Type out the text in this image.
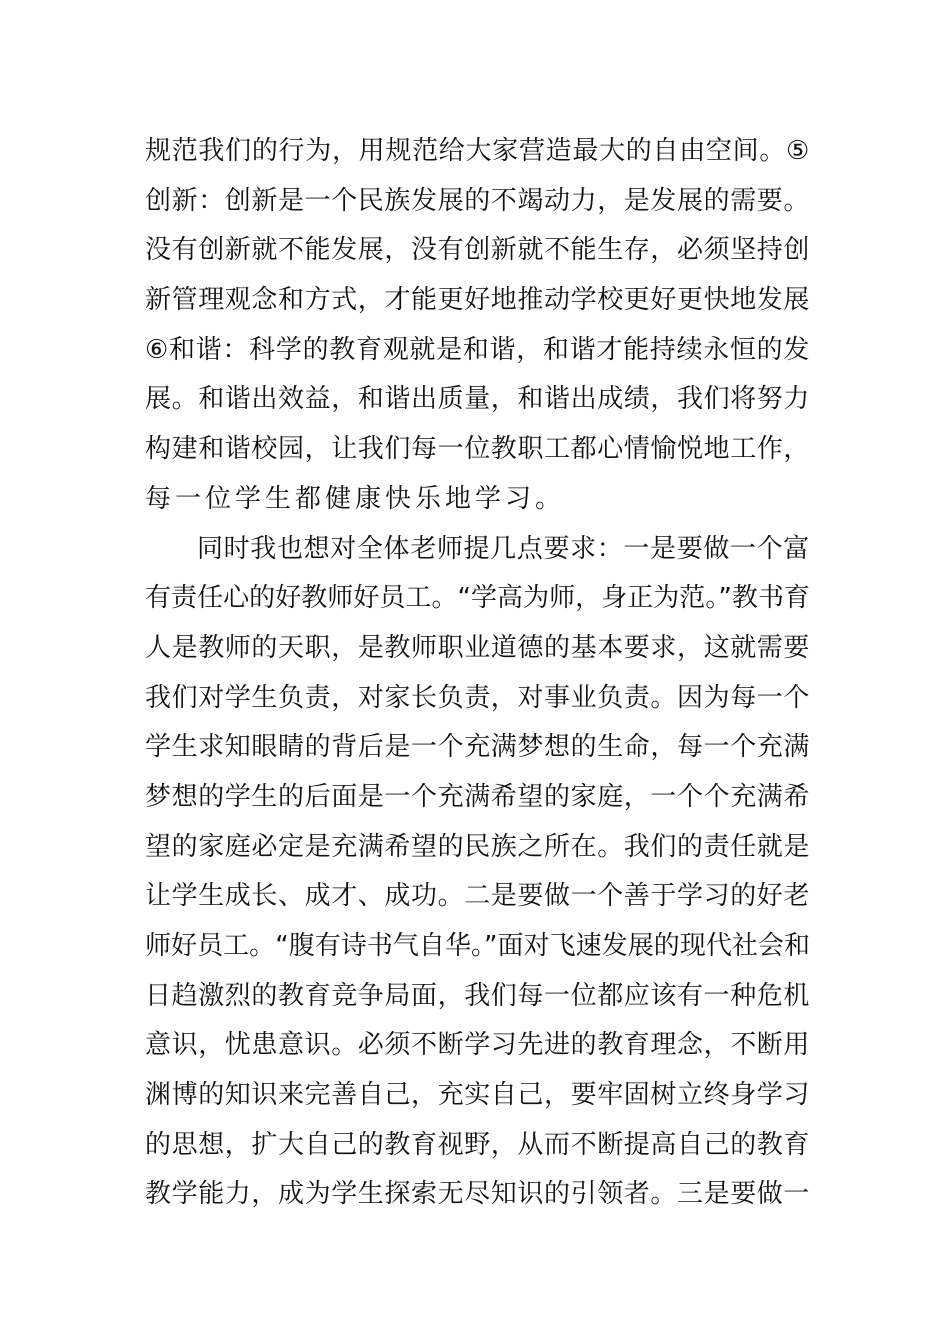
规范我们的行为，用规范给大家营造最大的自由空间。⑤
创新：创新是一个民族发展的不竭动力，是发展的需要。
没有创新就不能发展，没有创新就不能生存，必须坚持创
新管理观念和方式，才能更好地推动学校更好更快地发展
⑥和谐：科学的教育观就是和谐，和谐才能持续永恒的发
展。和谐出效益，和谐出质量，和谐出成绩，我们将努力
构建和谐校园，让我们每一位教职工都心情愉悦地工作，
每一位学生都健康快乐地学习。
同时我也想对全体老师提几点要求：一是要做一个富
有责任心的好教师好员工。“学高为师，身正为范。”教书育
人是教师的天职，是教师职业道德的基本要求，这就需要
我们对学生负责，对家长负责，对事业负责。因为每一个
学生求知眼睛的背后是一个充满梦想的生命，每一个充满
梦想的学生的后面是一个充满希望的家庭，一个个充满希
望的家庭必定是充满希望的民族之所在。我们的责任就是
让学生成长、成才、成功。二是要做一个善于学习的好老
师好员工。“腹有诗书气自华。”面对飞速发展的现代社会和
日趋激烈的教育竞争局面，我们每一位都应该有一种危机
意识，忧患意识。必须不断学习先进的教育理念，不断用
渊博的知识来完善自己，充实自己，要牢固树立终身学习
的思想，扩大自己的教育视野，从而不断提高自己的教育
教学能力，成为学生探索无尽知识的引领者。三是要做一
